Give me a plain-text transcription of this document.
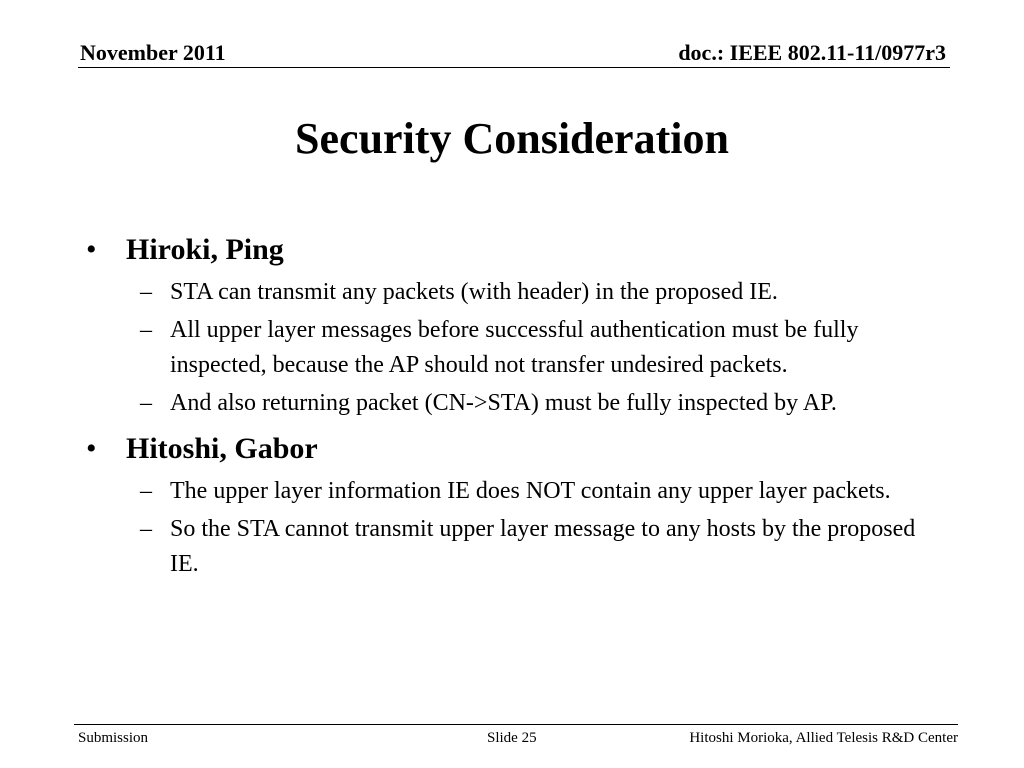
November 2011	doc.: IEEE 802.11-11/0977r3
Security Consideration
• Hiroki, Ping
– STA can transmit any packets (with header) in the proposed IE.
– All upper layer messages before successful authentication must be fully inspected, because the AP should not transfer undesired packets.
– And also returning packet (CN->STA) must be fully inspected by AP.
• Hitoshi, Gabor
– The upper layer information IE does NOT contain any upper layer packets.
– So the STA cannot transmit upper layer message to any hosts by the proposed IE.
Submission	Slide 25	Hitoshi Morioka, Allied Telesis R&D Center
